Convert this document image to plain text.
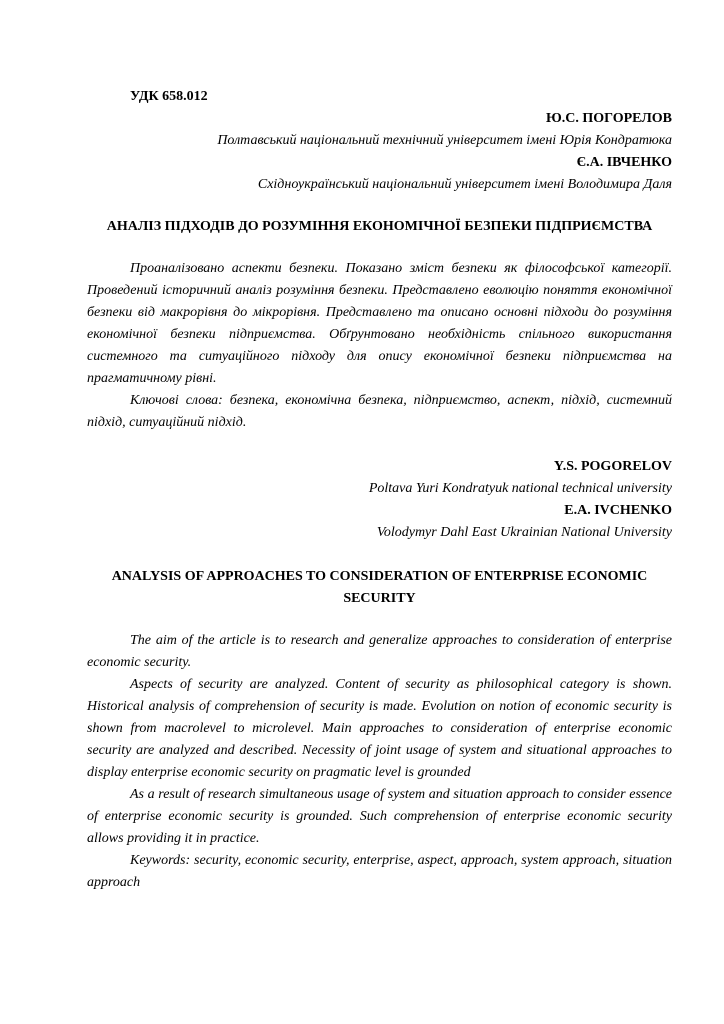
УДК 658.012
Ю.С. ПОГОРЕЛОВ
Полтавський національний технічний університет імені Юрія Кондратюка
Є.А. ІВЧЕНКО
Східноукраїнський національний університет імені Володимира Даля
АНАЛІЗ ПІДХОДІВ ДО РОЗУМІННЯ ЕКОНОМІЧНОЇ БЕЗПЕКИ ПІДПРИЄМСТВА

Проаналізовано аспекти безпеки. Показано зміст безпеки як філософської категорії. Проведений історичний аналіз розуміння безпеки. Представлено еволюцію поняття економічної безпеки від макрорівня до мікрорівня. Представлено та описано основні підходи до розуміння економічної безпеки підприємства. Обґрунтовано необхідність спільного використання системного та ситуаційного підходу для опису економічної безпеки підприємства на прагматичному рівні.

Ключові слова: безпека, економічна безпека, підприємство, аспект, підхід, системний підхід, ситуаційний підхід.

Y.S. POGORELOV
Poltava Yuri Kondratyuk national technical university
E.A. IVCHENKO
Volodymyr Dahl East Ukrainian National University
ANALYSIS OF APPROACHES TO CONSIDERATION OF ENTERPRISE ECONOMIC
SECURITY

The aim of the article is to research and generalize approaches to consideration of enterprise economic security.

Aspects of security are analyzed. Content of security as philosophical category is shown. Historical analysis of comprehension of security is made. Evolution on notion of economic security is shown from macrolevel to microlevel. Main approaches to consideration of enterprise economic security are analyzed and described. Necessity of joint usage of system and situational approaches to display enterprise economic security on pragmatic level is grounded

As a result of research simultaneous usage of system and situation approach to consider essence of enterprise economic security is grounded. Such comprehension of enterprise economic security allows providing it in practice.

Keywords: security, economic security, enterprise, aspect, approach, system approach, situation approach
